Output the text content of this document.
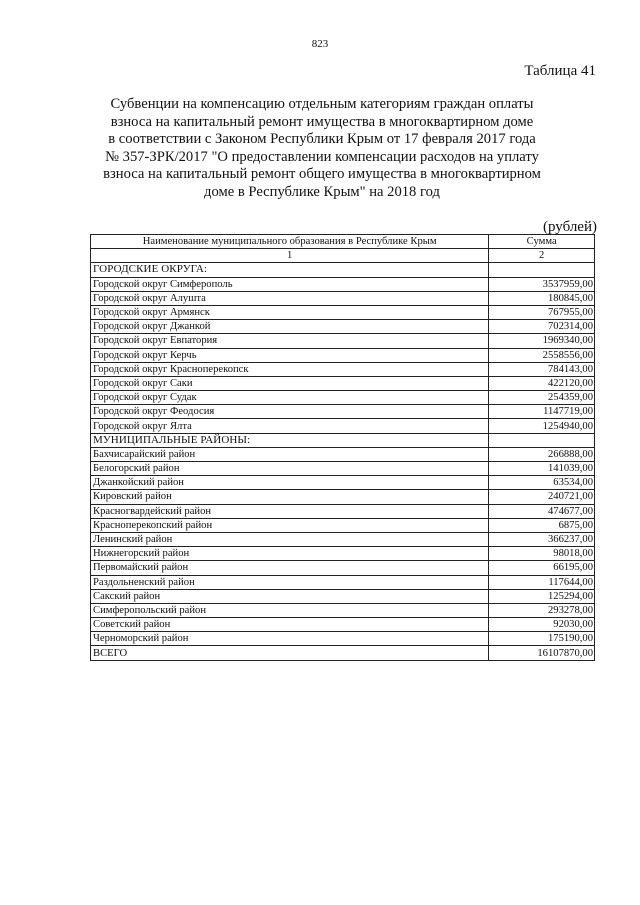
823
Таблица 41
Субвенции на компенсацию отдельным категориям граждан оплаты
взноса на капитальный ремонт имущества в многоквартирном доме
в соответствии с Законом Республики Крым от 17 февраля 2017 года
№ 357-ЗРК/2017 "О предоставлении компенсации расходов на уплату
взноса на капитальный ремонт общего имущества в многоквартирном
доме в Республике Крым" на 2018 год
(рублей)
Наименование муниципального образования в Республике Крым	Сумма
1	2
ГОРОДСКИЕ ОКРУГА:	
Городской округ Симферополь	3537959,00
Городской округ Алушта	180845,00
Городской округ Армянск	767955,00
Городской округ Джанкой	702314,00
Городской округ Евпатория	1969340,00
Городской округ Керчь	2558556,00
Городской округ Красноперекопск	784143,00
Городской округ Саки	422120,00
Городской округ Судак	254359,00
Городской округ Феодосия	1147719,00
Городской округ Ялта	1254940,00
МУНИЦИПАЛЬНЫЕ РАЙОНЫ:	
Бахчисарайский район	266888,00
Белогорский район	141039,00
Джанкойский район	63534,00
Кировский район	240721,00
Красногвардейский район	474677,00
Красноперекопский район	6875,00
Ленинский район	366237,00
Нижнегорский район	98018,00
Первомайский район	66195,00
Раздольненский район	117644,00
Сакский район	125294,00
Симферопольский район	293278,00
Советский район	92030,00
Черноморский район	175190,00
ВСЕГО	16107870,00
